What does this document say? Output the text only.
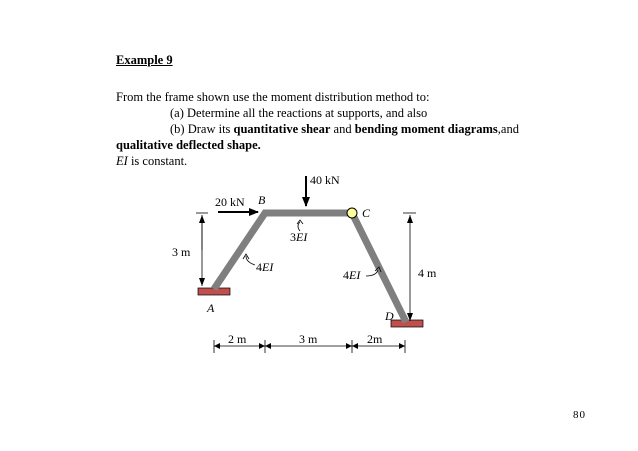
Example 9
From the frame shown use the moment distribution method to:
(a) Determine all the reactions at supports, and also
(b) Draw its quantitative shear and bending moment diagrams,and
qualitative deflected shape.
EI is constant.
40 kN
20 kN B
C
A
D
4EI
3EI
4EI
3 m
4 m
2 m	3 m	2m
80
